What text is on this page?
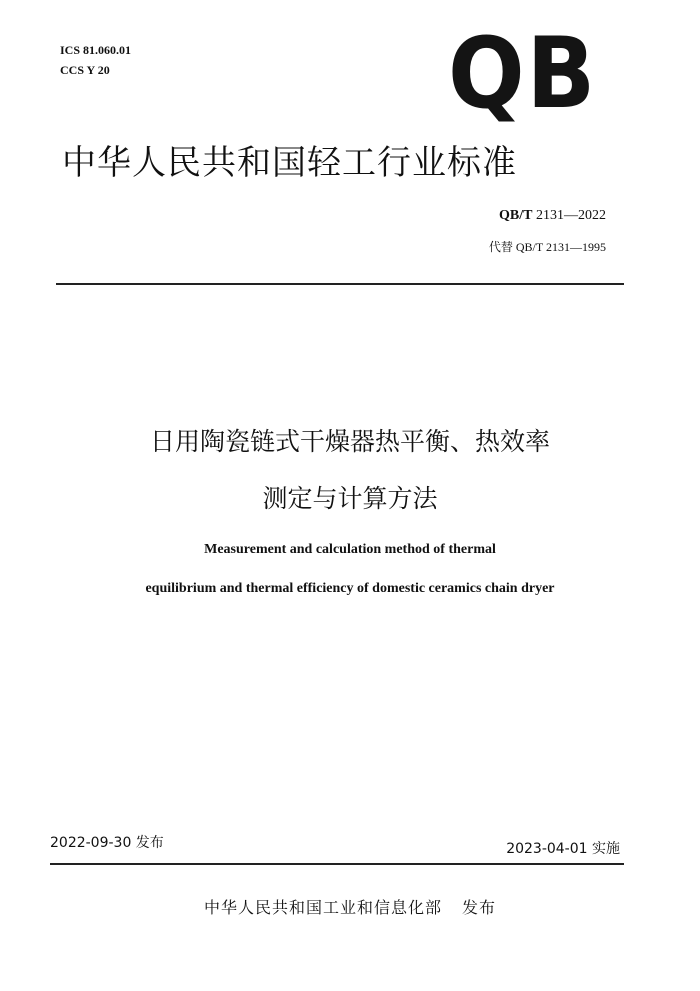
ICS 81.060.01
CCS Y 20	QB
中华人民共和国轻工行业标准
QB/T 2131—2022
代替 QB/T 2131—1995
日用陶瓷链式干燥器热平衡、热效率
测定与计算方法
Measurement and calculation method of thermal
equilibrium and thermal efficiency of domestic ceramics chain dryer
2022-09-30 发布	2023-04-01 实施
中华人民共和国工业和信息化部 发布
